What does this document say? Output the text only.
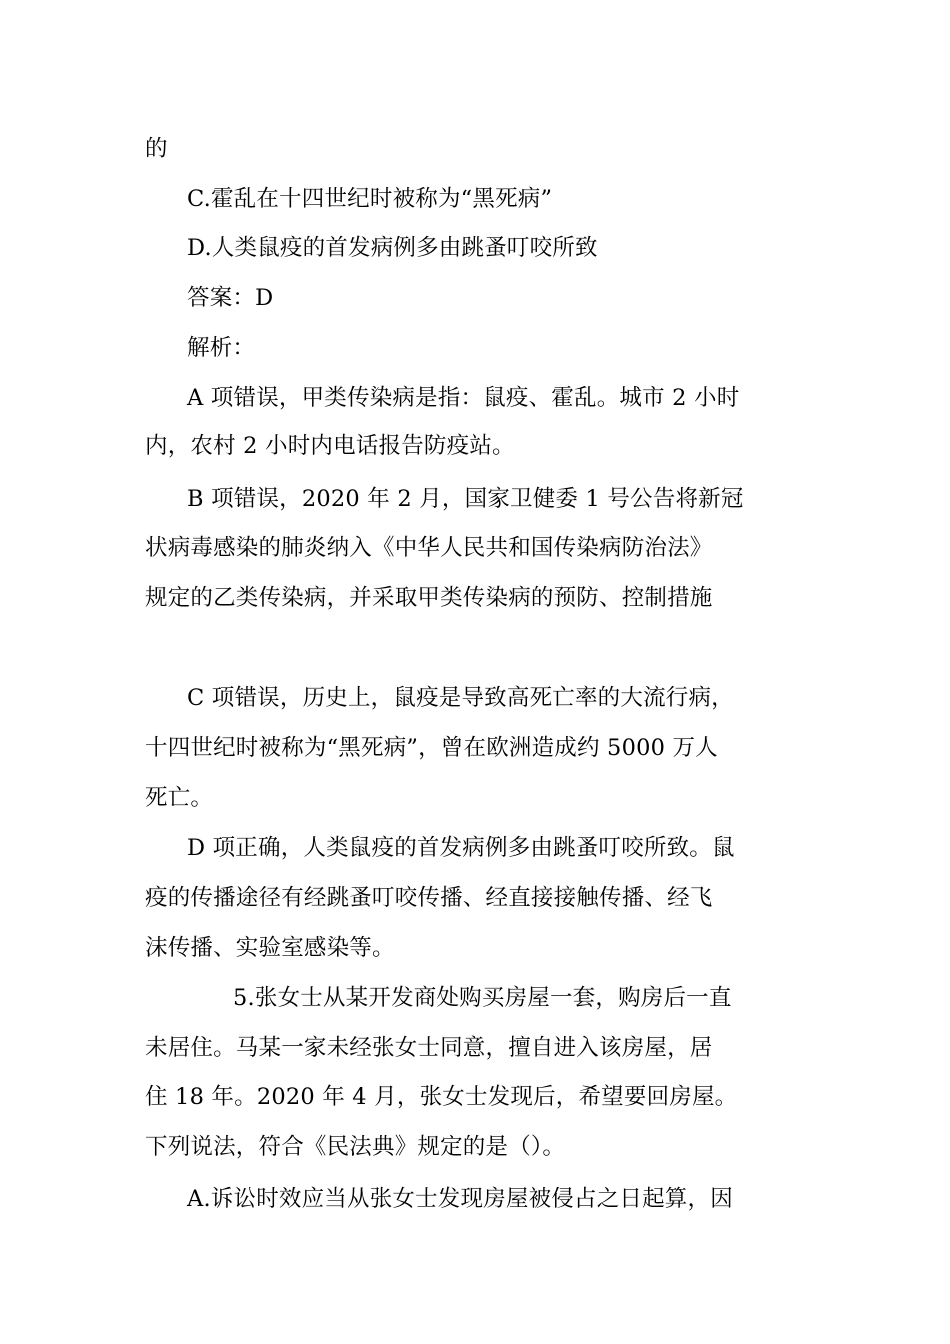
的
C.霍乱在十四世纪时被称为“黑死病”
D.人类鼠疫的首发病例多由跳蚤叮咬所致
答案：D
解析：
A 项错误，甲类传染病是指：鼠疫、霍乱。城市 2 小时
内，农村 2 小时内电话报告防疫站。
B 项错误，2020 年 2 月，国家卫健委 1 号公告将新冠
状病毒感染的肺炎纳入《中华人民共和国传染病防治法》
规定的乙类传染病，并采取甲类传染病的预防、控制措施
C 项错误，历史上，鼠疫是导致高死亡率的大流行病，
十四世纪时被称为“黑死病”，曾在欧洲造成约 5000 万人
死亡。
D 项正确，人类鼠疫的首发病例多由跳蚤叮咬所致。鼠
疫的传播途径有经跳蚤叮咬传播、经直接接触传播、经飞
沫传播、实验室感染等。
5.张女士从某开发商处购买房屋一套，购房后一直
未居住。马某一家未经张女士同意，擅自进入该房屋，居
住 18 年。2020 年 4 月，张女士发现后，希望要回房屋。
下列说法，符合《民法典》规定的是（）。
A.诉讼时效应当从张女士发现房屋被侵占之日起算，因
